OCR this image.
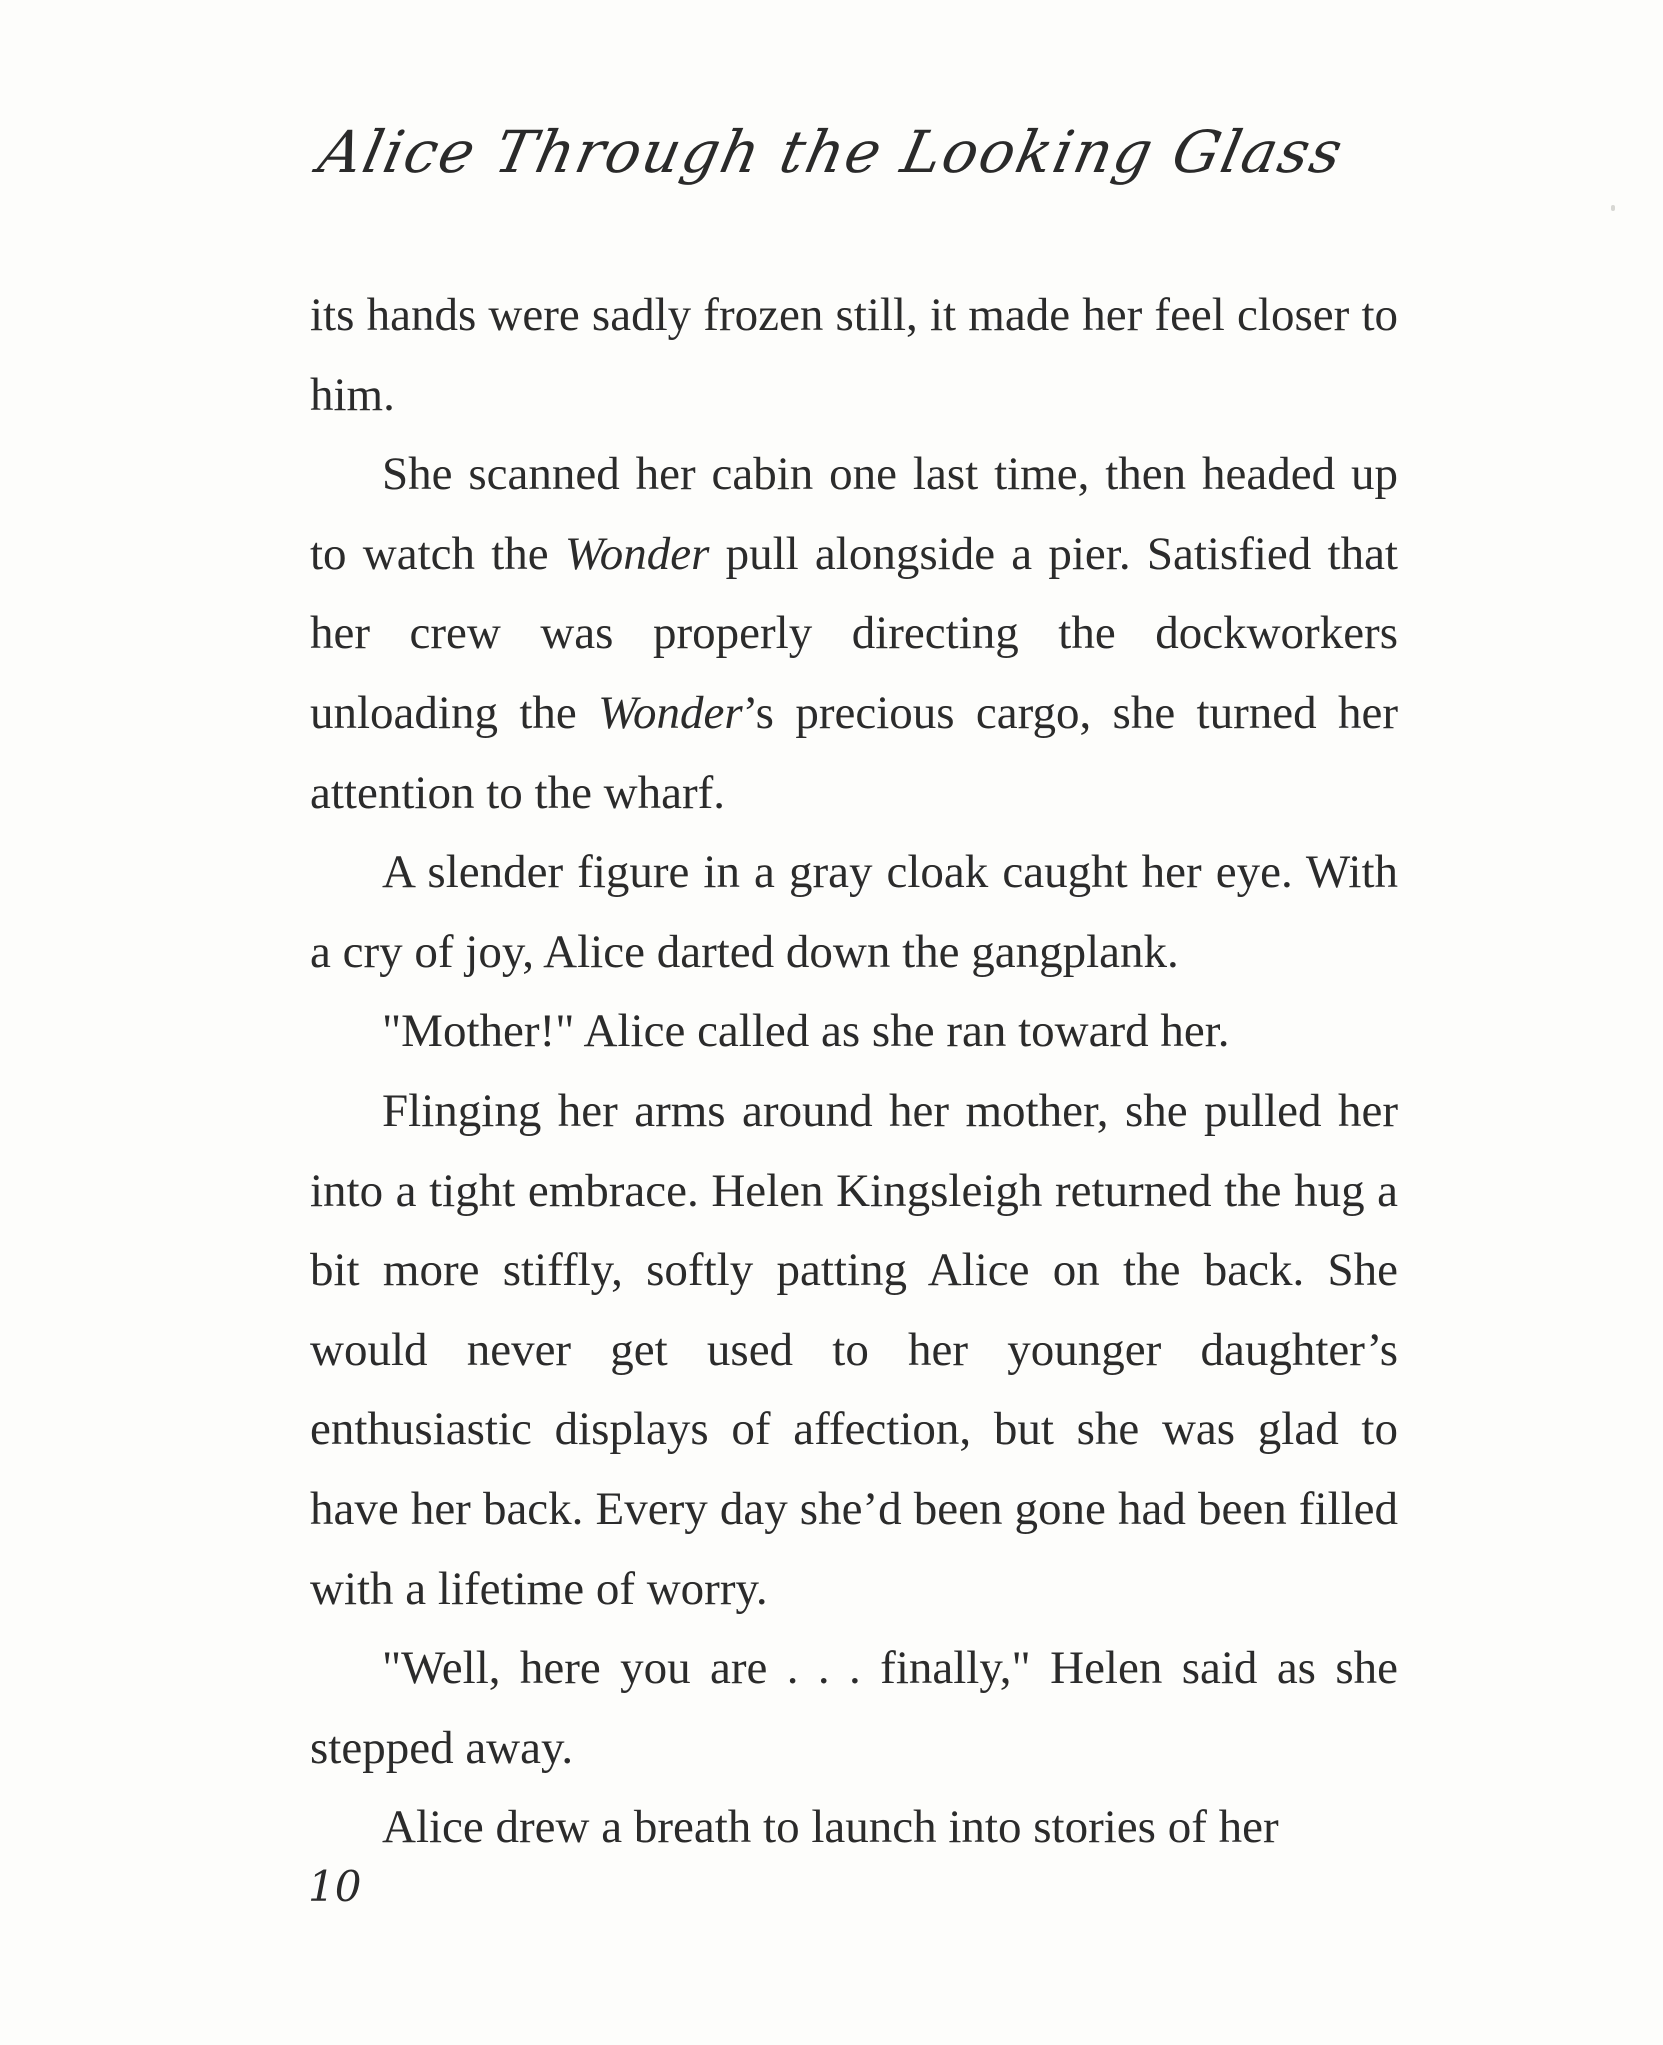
Alice Through the Looking Glass

its hands were sadly frozen still, it made her feel closer to him.

She scanned her cabin one last time, then headed up to watch the Wonder pull alongside a pier. Satisfied that her crew was properly directing the dockworkers unloading the Wonder’s precious cargo, she turned her attention to the wharf.

A slender figure in a gray cloak caught her eye. With a cry of joy, Alice darted down the gangplank.

"Mother!" Alice called as she ran toward her.

Flinging her arms around her mother, she pulled her into a tight embrace. Helen Kingsleigh returned the hug a bit more stiffly, softly patting Alice on the back. She would never get used to her younger daughter’s enthusiastic displays of affection, but she was glad to have her back. Every day she’d been gone had been filled with a lifetime of worry.

"Well, here you are . . . finally," Helen said as she stepped away.

Alice drew a breath to launch into stories of her

10
